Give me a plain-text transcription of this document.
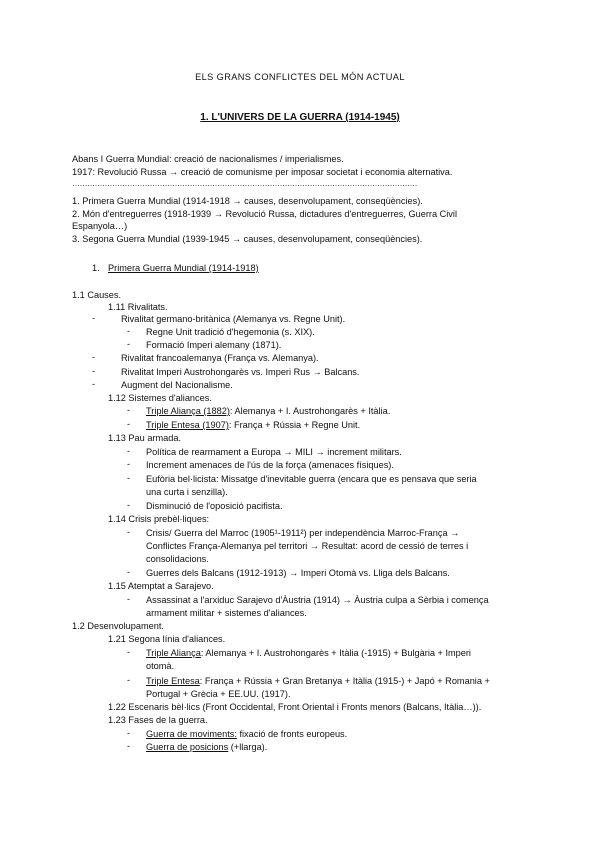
ELS GRANS CONFLICTES DEL MÓN ACTUAL
1. L'UNIVERS DE LA GUERRA (1914-1945)
Abans I Guerra Mundial: creació de nacionalismes / imperialismes.
1917: Revolució Russa → creació de comunisme per imposar societat i economia alternativa.
…………………………………………………………………………………………………………………………
1. Primera Guerra Mundial (1914-1918 → causes, desenvolupament, conseqüències).
2. Món d'entreguerres (1918-1939 → Revolució Russa, dictadures d'entreguerres, Guerra Civil
Espanyola…)
3. Segona Guerra Mundial (1939-1945 → causes, desenvolupament, conseqüències).
1. Primera Guerra Mundial (1914-1918)
1.1 Causes.
1.11 Rivalitats.
-	Rivalitat germano-britànica (Alemanya vs. Regne Unit).
- Regne Unit tradició d'hegemonia (s. XIX).
- Formació Imperi alemany (1871).
-	Rivalitat francoalemanya (França vs. Alemanya).
-	Rivalitat Imperi Austrohongarès vs. Imperi Rus → Balcans.
-	Augment del Nacionalisme.
1.12 Sistemes d'aliances.
- Triple Aliança (1882): Alemanya + I. Austrohongarès + Itàlia.
- Triple Entesa (1907): França + Rússia + Regne Unit.
1.13 Pau armada.
- Política de rearmament a Europa → MILI → increment militars.
- Increment amenaces de l'ús de la força (amenaces físiques).
- Eufòria bel·licista: Missatge d'inevitable guerra (encara que es pensava que seria
una curta i senzilla).
- Disminució de l'oposició pacifista.
1.14 Crisis prebèl·liques:
- Crisis/ Guerra del Marroc (1905¹-1911²) per independència Marroc-França →
Conflictes França-Alemanya pel territori → Resultat: acord de cessió de terres i
consolidacions.
- Guerres dels Balcans (1912-1913) → Imperi Otomà vs. Lliga dels Balcans.
1.15 Atemptat a Sarajevo.
- Assassinat a l'arxiduc Sarajevo d'Àustria (1914) → Àustria culpa a Sèrbia i comença
armament militar + sistemes d'aliances.
1.2 Desenvolupament.
1.21 Segona línia d'aliances.
- Triple Aliança: Alemanya + I. Austrohongarès + Itàlia (-1915) + Bulgària + Imperi
otomà.
- Triple Entesa: França + Rússia + Gran Bretanya + Itàlia (1915-) + Japó + Romania +
Portugal + Grècia + EE.UU. (1917).
1.22 Escenaris bèl·lics (Front Occidental, Front Oriental i Fronts menors (Balcans, Itàlia…)).
1.23 Fases de la guerra.
- Guerra de moviments: fixació de fronts europeus.
- Guerra de posicions (+llarga).
